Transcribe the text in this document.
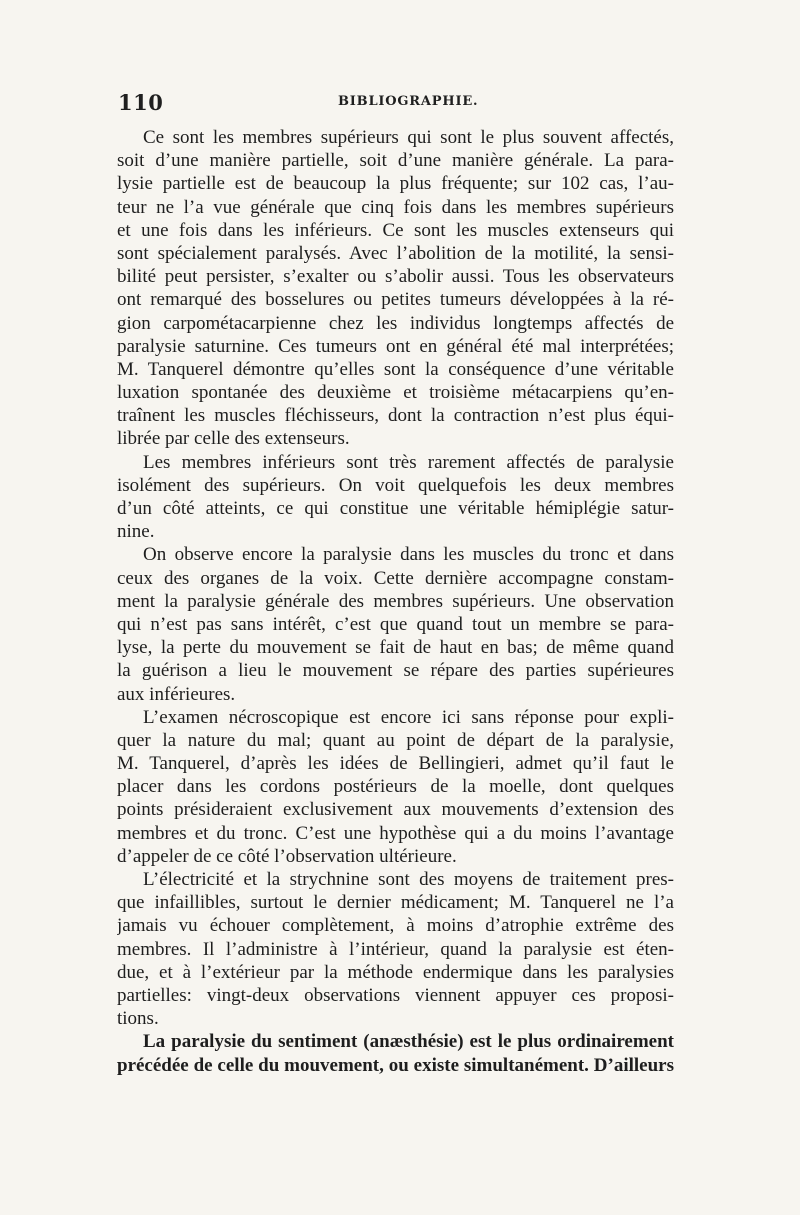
110	BIBLIOGRAPHIE.
Ce sont les membres supérieurs qui sont le plus souvent affectés,
soit d’une manière partielle, soit d’une manière générale. La para-
lysie partielle est de beaucoup la plus fréquente; sur 102 cas, l’au-
teur ne l’a vue générale que cinq fois dans les membres supérieurs
et une fois dans les inférieurs. Ce sont les muscles extenseurs qui
sont spécialement paralysés. Avec l’abolition de la motilité, la sensi-
bilité peut persister, s’exalter ou s’abolir aussi. Tous les observateurs
ont remarqué des bosselures ou petites tumeurs développées à la ré-
gion carpométacarpienne chez les individus longtemps affectés de
paralysie saturnine. Ces tumeurs ont en général été mal interprétées;
M. Tanquerel démontre qu’elles sont la conséquence d’une véritable
luxation spontanée des deuxième et troisième métacarpiens qu’en-
traînent les muscles fléchisseurs, dont la contraction n’est plus équi-
librée par celle des extenseurs.
Les membres inférieurs sont très rarement affectés de paralysie
isolément des supérieurs. On voit quelquefois les deux membres
d’un côté atteints, ce qui constitue une véritable hémiplégie satur-
nine.
On observe encore la paralysie dans les muscles du tronc et dans
ceux des organes de la voix. Cette dernière accompagne constam-
ment la paralysie générale des membres supérieurs. Une observation
qui n’est pas sans intérêt, c’est que quand tout un membre se para-
lyse, la perte du mouvement se fait de haut en bas; de même quand
la guérison a lieu le mouvement se répare des parties supérieures
aux inférieures.
L’examen nécroscopique est encore ici sans réponse pour expli-
quer la nature du mal; quant au point de départ de la paralysie,
M. Tanquerel, d’après les idées de Bellingieri, admet qu’il faut le
placer dans les cordons postérieurs de la moelle, dont quelques
points présideraient exclusivement aux mouvements d’extension des
membres et du tronc. C’est une hypothèse qui a du moins l’avantage
d’appeler de ce côté l’observation ultérieure.
L’électricité et la strychnine sont des moyens de traitement pres-
que infaillibles, surtout le dernier médicament; M. Tanquerel ne l’a
jamais vu échouer complètement, à moins d’atrophie extrême des
membres. Il l’administre à l’intérieur, quand la paralysie est éten-
due, et à l’extérieur par la méthode endermique dans les paralysies
partielles: vingt-deux observations viennent appuyer ces proposi-
tions.
La paralysie du sentiment (anæsthésie) est le plus ordinairement
précédée de celle du mouvement, ou existe simultanément. D’ailleurs
